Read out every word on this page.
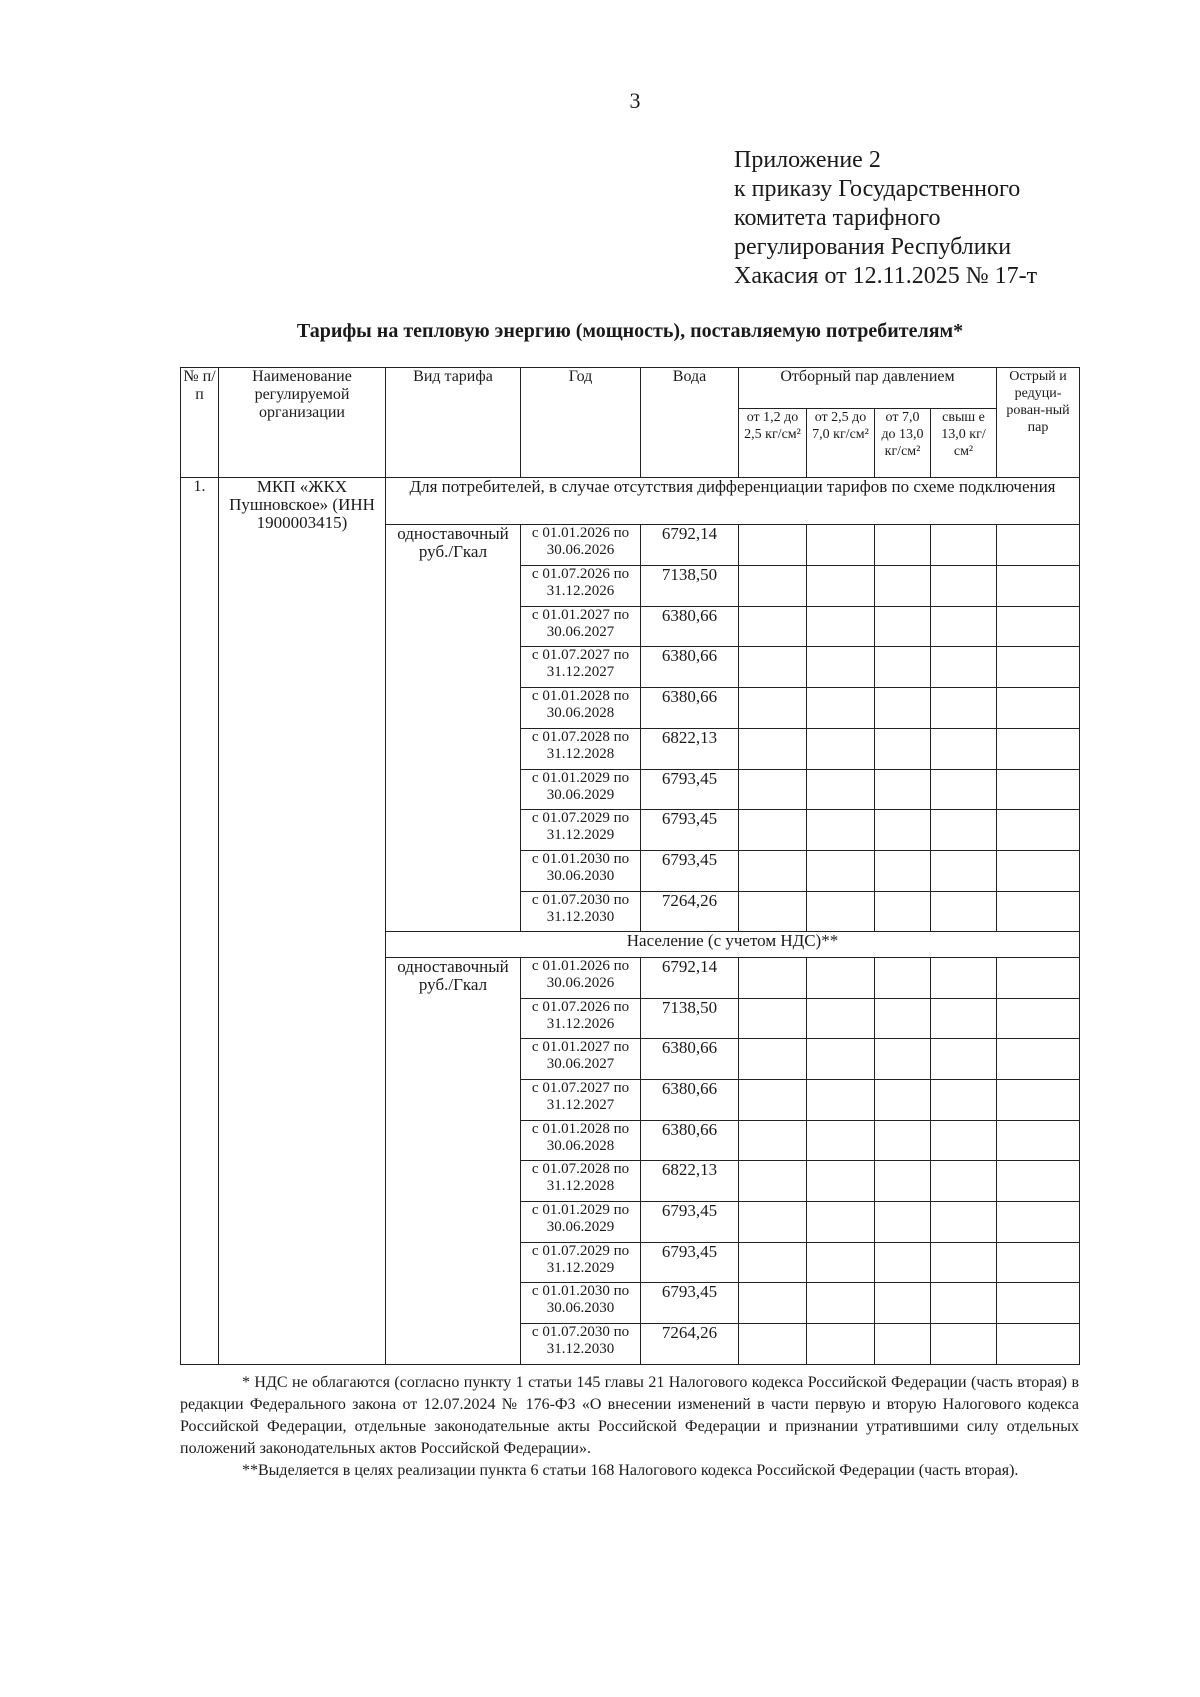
3
Приложение 2
к приказу Государственного
комитета тарифного
регулирования Республики
Хакасия от 12.11.2025 № 17-т
Тарифы на тепловую энергию (мощность), поставляемую потребителям*
№ п/п	Наименование регулируемой организации	Вид тарифа	Год	Вода	Отборный пар давлением				Острый и редуци-рован-ный пар
					от 1,2 до 2,5 кг/см²	от 2,5 до 7,0 кг/см²	от 7,0 до 13,0 кг/см²	свыш е 13,0 кг/см²	
1.	МКП «ЖКХ Пушновское» (ИНН 1900003415)	Для потребителей, в случае отсутствия дифференциации тарифов по схеме подключения							
		одноставочный руб./Гкал	с 01.01.2026 по 30.06.2026	6792,14					
			с 01.07.2026 по 31.12.2026	7138,50					
			с 01.01.2027 по 30.06.2027	6380,66					
			с 01.07.2027 по 31.12.2027	6380,66					
			с 01.01.2028 по 30.06.2028	6380,66					
			с 01.07.2028 по 31.12.2028	6822,13					
			с 01.01.2029 по 30.06.2029	6793,45					
			с 01.07.2029 по 31.12.2029	6793,45					
			с 01.01.2030 по 30.06.2030	6793,45					
			с 01.07.2030 по 31.12.2030	7264,26					
		Население (с учетом НДС)**							
		одноставочный руб./Гкал	с 01.01.2026 по 30.06.2026	6792,14					
			с 01.07.2026 по 31.12.2026	7138,50					
			с 01.01.2027 по 30.06.2027	6380,66					
			с 01.07.2027 по 31.12.2027	6380,66					
			с 01.01.2028 по 30.06.2028	6380,66					
			с 01.07.2028 по 31.12.2028	6822,13					
			с 01.01.2029 по 30.06.2029	6793,45					
			с 01.07.2029 по 31.12.2029	6793,45					
			с 01.01.2030 по 30.06.2030	6793,45					
			с 01.07.2030 по 31.12.2030	7264,26					

* НДС не облагаются (согласно пункту 1 статьи 145 главы 21 Налогового кодекса Российской Федерации (часть вторая) в редакции Федерального закона от 12.07.2024 № 176-ФЗ «О внесении изменений в части первую и вторую Налогового кодекса Российской Федерации, отдельные законодательные акты Российской Федерации и признании утратившими силу отдельных положений законодательных актов Российской Федерации».

**Выделяется в целях реализации пункта 6 статьи 168 Налогового кодекса Российской Федерации (часть вторая).
